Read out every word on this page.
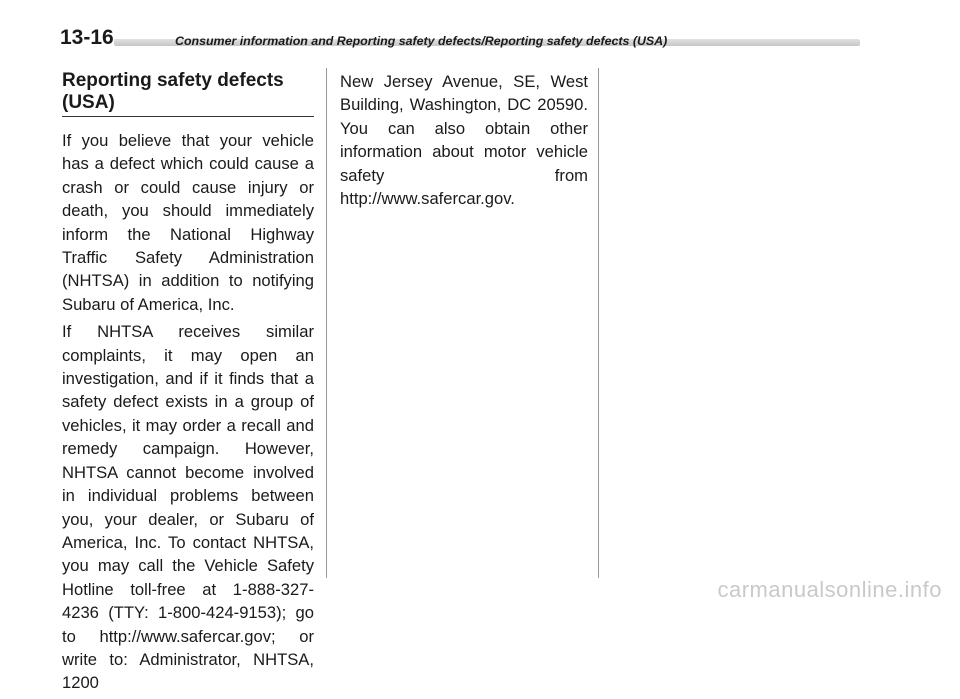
13-16	Consumer information and Reporting safety defects/Reporting safety defects (USA)
Reporting safety defects (USA)

If you believe that your vehicle has a defect which could cause a crash or could cause injury or death, you should immediately inform the National Highway Traffic Safety Administration (NHTSA) in addition to notifying Subaru of America, Inc.

If NHTSA receives similar complaints, it may open an investigation, and if it finds that a safety defect exists in a group of vehicles, it may order a recall and remedy campaign. However, NHTSA cannot become involved in individual problems between you, your dealer, or Subaru of America, Inc. To contact NHTSA, you may call the Vehicle Safety Hotline toll-free at 1-888-327-4236 (TTY: 1-800-424-9153); go to http://www.safercar.gov; or write to: Administrator, NHTSA, 1200

New Jersey Avenue, SE, West Building, Washington, DC 20590. You can also obtain other information about motor vehicle safety from http://www.safercar.gov.

carmanualsonline.info
